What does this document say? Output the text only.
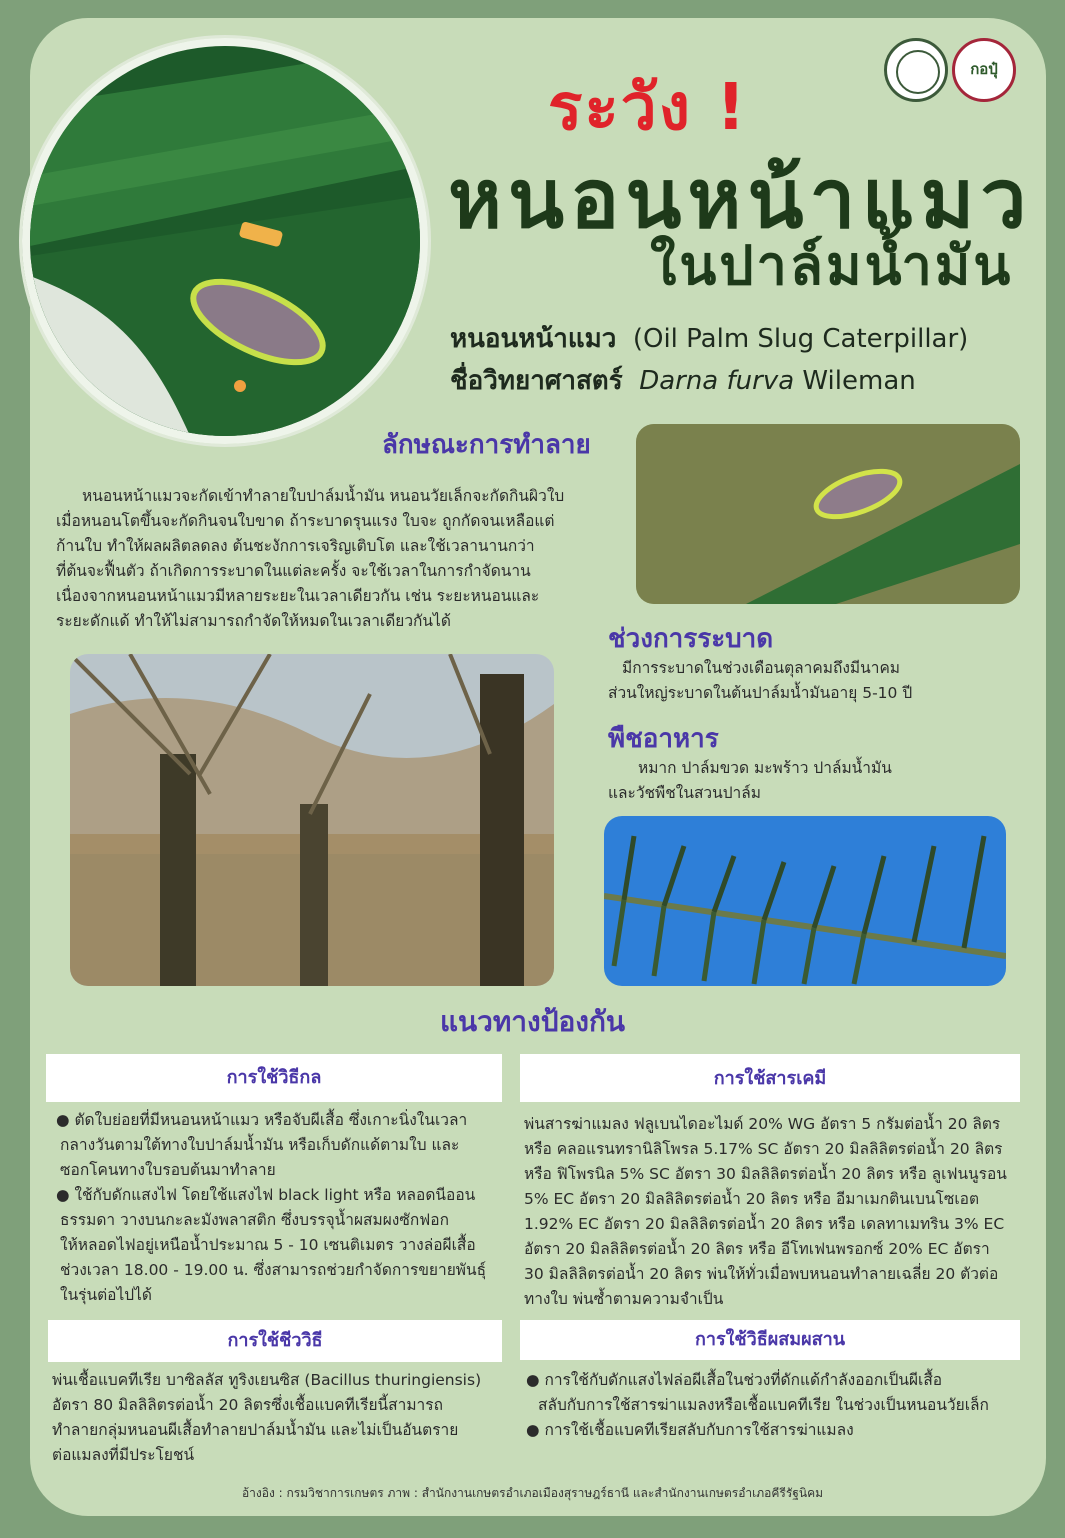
กอปุ๋
ระวัง !
หนอนหน้าแมว
ในปาล์มน้ำมัน
หนอนหน้าแมว (Oil Palm Slug Caterpillar)
ชื่อวิทยาศาสตร์ Darna furva Wileman
ลักษณะการทำลาย
หนอนหน้าแมวจะกัดเข้าทำลายใบปาล์มน้ำมัน หนอนวัยเล็กจะกัดกินผิวใบ
เมื่อหนอนโตขึ้นจะกัดกินจนใบขาด ถ้าระบาดรุนแรง ใบจะ ถูกกัดจนเหลือแต่
ก้านใบ ทำให้ผลผลิตลดลง ต้นชะงักการเจริญเติบโต และใช้เวลานานกว่า
ที่ต้นจะฟื้นตัว ถ้าเกิดการระบาดในแต่ละครั้ง จะใช้เวลาในการกำจัดนาน
เนื่องจากหนอนหน้าแมวมีหลายระยะในเวลาเดียวกัน เช่น ระยะหนอนและ
ระยะดักแด้ ทำให้ไม่สามารถกำจัดให้หมดในเวลาเดียวกันได้
ช่วงการระบาด
มีการระบาดในช่วงเดือนตุลาคมถึงมีนาคม
ส่วนใหญ่ระบาดในต้นปาล์มน้ำมันอายุ 5-10 ปี
พืชอาหาร
หมาก ปาล์มขวด มะพร้าว ปาล์มน้ำมัน
และวัชพืชในสวนปาล์ม
แนวทางป้องกัน
การใช้วิธีกล
● ตัดใบย่อยที่มีหนอนหน้าแมว หรือจับผีเสื้อ ซึ่งเกาะนิ่งในเวลา
กลางวันตามใต้ทางใบปาล์มน้ำมัน หรือเก็บดักแด้ตามใบ และ
ซอกโคนทางใบรอบต้นมาทำลาย
● ใช้กับดักแสงไฟ โดยใช้แสงไฟ black light หรือ หลอดนีออน
ธรรมดา วางบนกะละมังพลาสติก ซึ่งบรรจุน้ำผสมผงซักฟอก
ให้หลอดไฟอยู่เหนือน้ำประมาณ 5 - 10 เซนติเมตร วางล่อผีเสื้อ
ช่วงเวลา 18.00 - 19.00 น. ซึ่งสามารถช่วยกำจัดการขยายพันธุ์
ในรุ่นต่อไปได้
การใช้สารเคมี
พ่นสารฆ่าแมลง ฟลูเบนไดอะไมด์ 20% WG อัตรา 5 กรัมต่อน้ำ 20 ลิตร
หรือ คลอแรนทรานิลิโพรล 5.17% SC อัตรา 20 มิลลิลิตรต่อน้ำ 20 ลิตร
หรือ ฟิโพรนิล 5% SC อัตรา 30 มิลลิลิตรต่อน้ำ 20 ลิตร หรือ ลูเฟนนูรอน
5% EC อัตรา 20 มิลลิลิตรต่อน้ำ 20 ลิตร หรือ อีมาเมกตินเบนโซเอต
1.92% EC อัตรา 20 มิลลิลิตรต่อน้ำ 20 ลิตร หรือ เดลทาเมทริน 3% EC
อัตรา 20 มิลลิลิตรต่อน้ำ 20 ลิตร หรือ อีโทเฟนพรอกซ์ 20% EC อัตรา
30 มิลลิลิตรต่อน้ำ 20 ลิตร พ่นให้ทั่วเมื่อพบหนอนทำลายเฉลี่ย 20 ตัวต่อ
ทางใบ พ่นซ้ำตามความจำเป็น
การใช้ชีววิธี
พ่นเชื้อแบคทีเรีย บาซิลลัส ทูริงเยนซิส (Bacillus thuringiensis)
อัตรา 80 มิลลิลิตรต่อน้ำ 20 ลิตรซึ่งเชื้อแบคทีเรียนี้สามารถ
ทำลายกลุ่มหนอนผีเสื้อทำลายปาล์มน้ำมัน และไม่เป็นอันตราย
ต่อแมลงที่มีประโยชน์
การใช้วิธีผสมผสาน
● การใช้กับดักแสงไฟล่อผีเสื้อในช่วงที่ดักแด้กำลังออกเป็นผีเสื้อ
สลับกับการใช้สารฆ่าแมลงหรือเชื้อแบคทีเรีย ในช่วงเป็นหนอนวัยเล็ก
● การใช้เชื้อแบคทีเรียสลับกับการใช้สารฆ่าแมลง
อ้างอิง : กรมวิชาการเกษตร ภาพ : สำนักงานเกษตรอำเภอเมืองสุราษฎร์ธานี และสำนักงานเกษตรอำเภอคีรีรัฐนิคม
